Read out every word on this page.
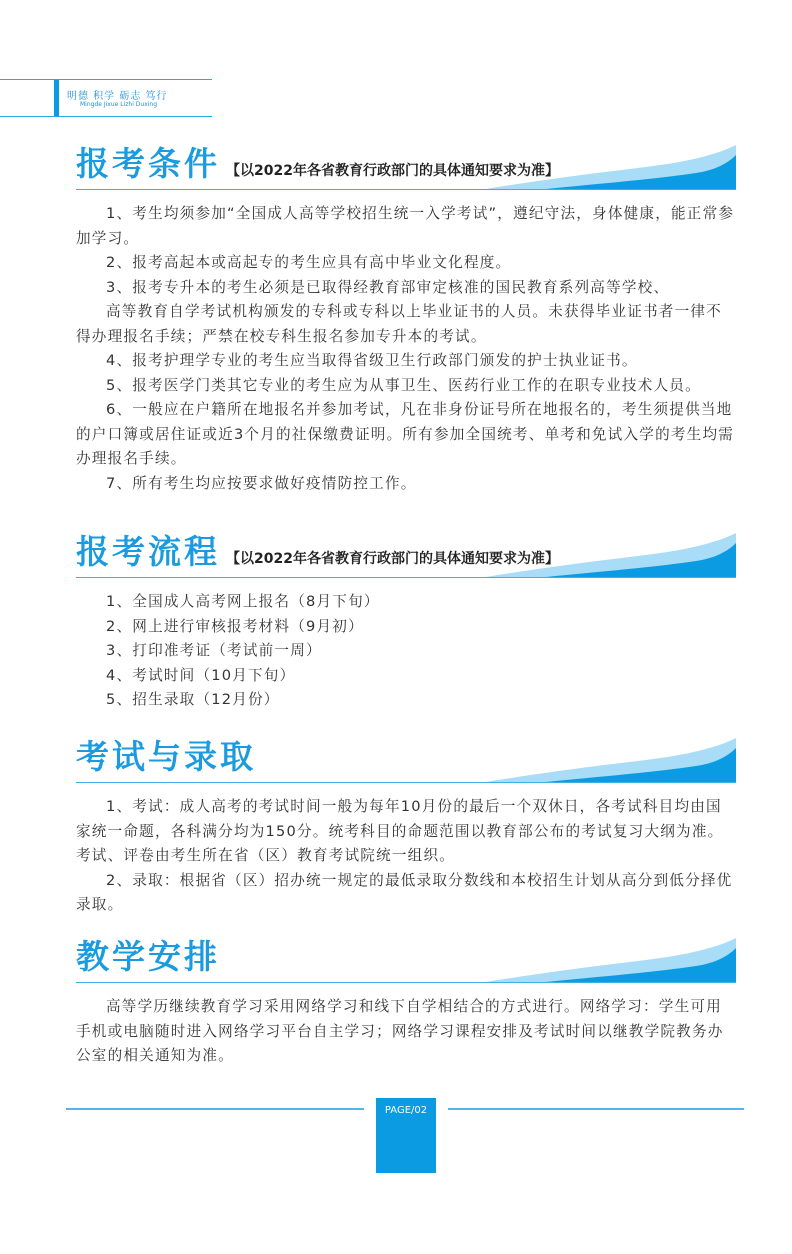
明德 积学 砺志 笃行
Mingde Jixue Lizhi Duxing
报考条件 【以2022年各省教育行政部门的具体通知要求为准】

1、考生均须参加“全国成人高等学校招生统一入学考试”，遵纪守法，身体健康，能正常参加学习。

2、报考高起本或高起专的考生应具有高中毕业文化程度。

3、报考专升本的考生必须是已取得经教育部审定核准的国民教育系列高等学校、

高等教育自学考试机构颁发的专科或专科以上毕业证书的人员。未获得毕业证书者一律不得办理报名手续；严禁在校专科生报名参加专升本的考试。

4、报考护理学专业的考生应当取得省级卫生行政部门颁发的护士执业证书。

5、报考医学门类其它专业的考生应为从事卫生、医药行业工作的在职专业技术人员。

6、一般应在户籍所在地报名并参加考试，凡在非身份证号所在地报名的，考生须提供当地的户口簿或居住证或近3个月的社保缴费证明。所有参加全国统考、单考和免试入学的考生均需办理报名手续。

7、所有考生均应按要求做好疫情防控工作。

报考流程 【以2022年各省教育行政部门的具体通知要求为准】

1、全国成人高考网上报名（8月下旬）

2、网上进行审核报考材料（9月初）

3、打印准考证（考试前一周）

4、考试时间（10月下旬）

5、招生录取（12月份）

考试与录取

1、考试：成人高考的考试时间一般为每年10月份的最后一个双休日，各考试科目均由国家统一命题，各科满分均为150分。统考科目的命题范围以教育部公布的考试复习大纲为准。考试、评卷由考生所在省（区）教育考试院统一组织。

2、录取：根据省（区）招办统一规定的最低录取分数线和本校招生计划从高分到低分择优录取。

教学安排

高等学历继续教育学习采用网络学习和线下自学相结合的方式进行。网络学习：学生可用手机或电脑随时进入网络学习平台自主学习；网络学习课程安排及考试时间以继教学院教务办公室的相关通知为准。

PAGE/02
